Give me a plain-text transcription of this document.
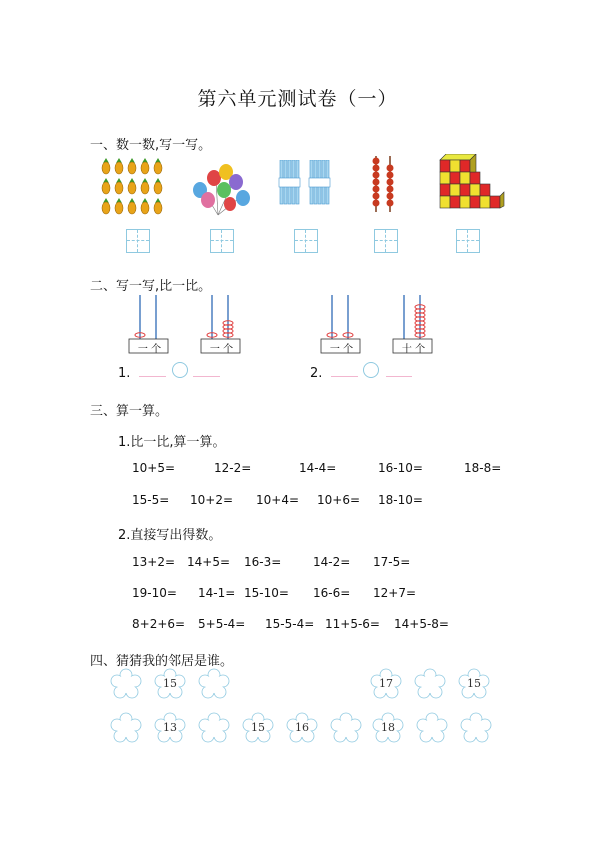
第六单元测试卷（一）
一、数一数,写一写。
二、写一写,比一比。
一 个	一 个	一 个	十 个
1.	2.
三、算一算。
1.比一比,算一算。
10+5=	12-2=	14-4=	16-10=	18-8=
15-5= 10+2= 10+4= 10+6= 18-10=
2.直接写出得数。
13+2= 14+5= 16-3=	14-2= 17-5=
19-10= 14-1= 15-10= 16-6= 12+7=
8+2+6= 5+5-4= 15-5-4= 11+5-6= 14+5-8=
四、猜猜我的邻居是谁。
15	17	15
13	15	16	18
